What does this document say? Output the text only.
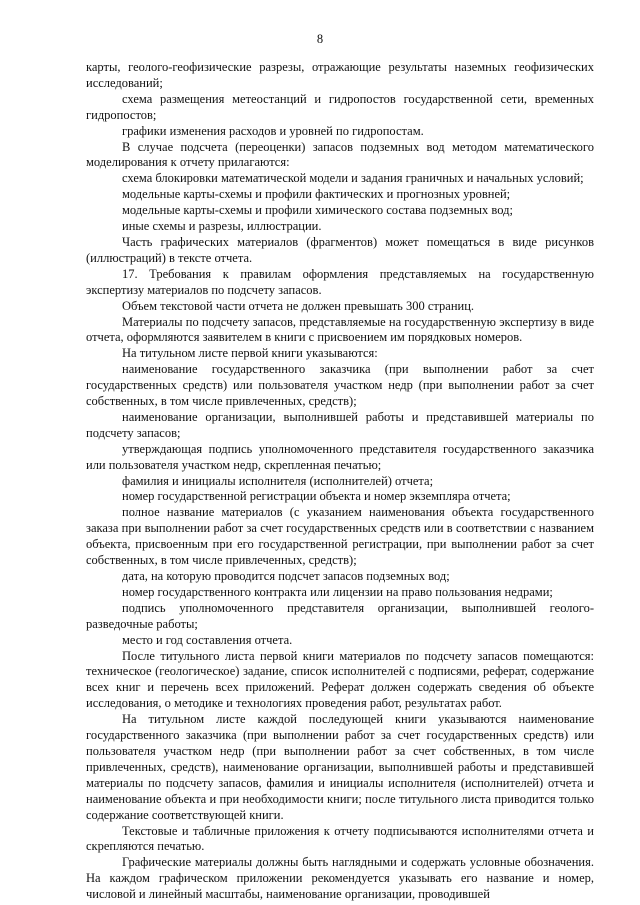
8

карты, геолого-геофизические разрезы, отражающие результаты наземных геофизических исследований;

схема размещения метеостанций и гидропостов государственной сети, временных гидропостов;

графики изменения расходов и уровней по гидропостам.

В случае подсчета (переоценки) запасов подземных вод методом математического моделирования к отчету прилагаются:

схема блокировки математической модели и задания граничных и начальных условий;

модельные карты-схемы и профили фактических и прогнозных уровней;

модельные карты-схемы и профили химического состава подземных вод;

иные схемы и разрезы, иллюстрации.

Часть графических материалов (фрагментов) может помещаться в виде рисунков (иллюстраций) в тексте отчета.

17. Требования к правилам оформления представляемых на государственную экспертизу материалов по подсчету запасов.

Объем текстовой части отчета не должен превышать 300 страниц.

Материалы по подсчету запасов, представляемые на государственную экспертизу в виде отчета, оформляются заявителем в книги с присвоением им порядковых номеров.

На титульном листе первой книги указываются:

наименование государственного заказчика (при выполнении работ за счет государственных средств) или пользователя участком недр (при выполнении работ за счет собственных, в том числе привлеченных, средств);

наименование организации, выполнившей работы и представившей материалы по подсчету запасов;

утверждающая подпись уполномоченного представителя государственного заказчика или пользователя участком недр, скрепленная печатью;

фамилия и инициалы исполнителя (исполнителей) отчета;

номер государственной регистрации объекта и номер экземпляра отчета;

полное название материалов (с указанием наименования объекта государственного заказа при выполнении работ за счет государственных средств или в соответствии с названием объекта, присвоенным при его государственной регистрации, при выполнении работ за счет собственных, в том числе привлеченных, средств);

дата, на которую проводится подсчет запасов подземных вод;

номер государственного контракта или лицензии на право пользования недрами;

подпись уполномоченного представителя организации, выполнившей геолого-разведочные работы;

место и год составления отчета.

После титульного листа первой книги материалов по подсчету запасов помещаются: техническое (геологическое) задание, список исполнителей с подписями, реферат, содержание всех книг и перечень всех приложений. Реферат должен содержать сведения об объекте исследования, о методике и технологиях проведения работ, результатах работ.

На титульном листе каждой последующей книги указываются наименование государственного заказчика (при выполнении работ за счет государственных средств) или пользователя участком недр (при выполнении работ за счет собственных, в том числе привлеченных, средств), наименование организации, выполнившей работы и представившей материалы по подсчету запасов, фамилия и инициалы исполнителя (исполнителей) отчета и наименование объекта и при необходимости книги; после титульного листа приводится только содержание соответствующей книги.

Текстовые и табличные приложения к отчету подписываются исполнителями отчета и скрепляются печатью.

Графические материалы должны быть наглядными и содержать условные обозначения. На каждом графическом приложении рекомендуется указывать его название и номер, числовой и линейный масштабы, наименование организации, проводившей
